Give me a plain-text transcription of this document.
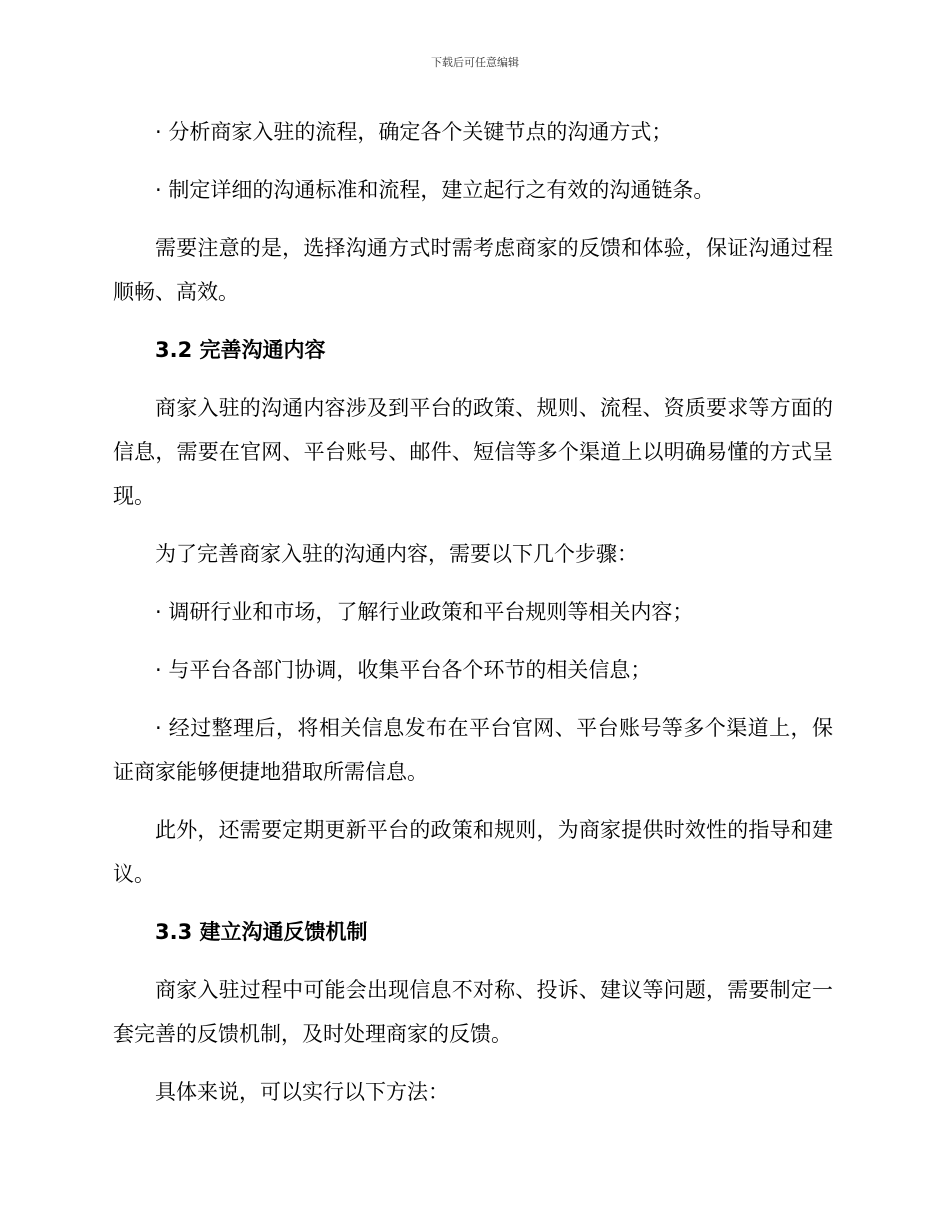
下载后可任意编辑

· 分析商家入驻的流程，确定各个关键节点的沟通方式；

· 制定详细的沟通标准和流程，建立起行之有效的沟通链条。

需要注意的是，选择沟通方式时需考虑商家的反馈和体验，保证沟通过程顺畅、高效。

3.2 完善沟通内容

商家入驻的沟通内容涉及到平台的政策、规则、流程、资质要求等方面的信息，需要在官网、平台账号、邮件、短信等多个渠道上以明确易懂的方式呈现。

为了完善商家入驻的沟通内容，需要以下几个步骤：

· 调研行业和市场，了解行业政策和平台规则等相关内容；

· 与平台各部门协调，收集平台各个环节的相关信息；

· 经过整理后，将相关信息发布在平台官网、平台账号等多个渠道上，保证商家能够便捷地猎取所需信息。

此外，还需要定期更新平台的政策和规则，为商家提供时效性的指导和建议。

3.3 建立沟通反馈机制

商家入驻过程中可能会出现信息不对称、投诉、建议等问题，需要制定一套完善的反馈机制，及时处理商家的反馈。

具体来说，可以实行以下方法：
